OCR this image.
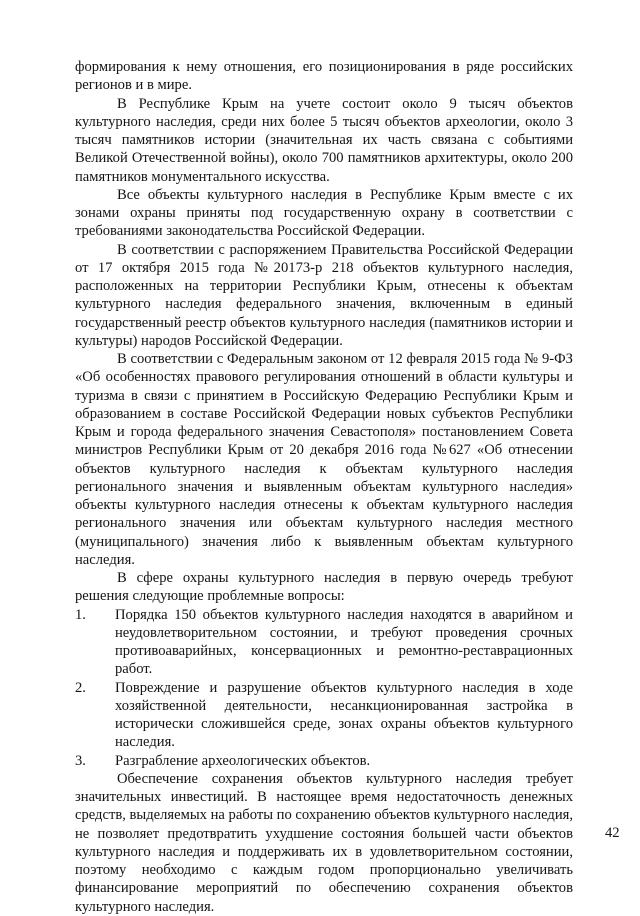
формирования к нему отношения, его позиционирования в ряде российских регионов и в мире.

В Республике Крым на учете состоит около 9 тысяч объектов культурного наследия, среди них более 5 тысяч объектов археологии, около 3 тысяч памятников истории (значительная их часть связана с событиями Великой Отечественной войны), около 700 памятников архитектуры, около 200 памятников монументального искусства.

Все объекты культурного наследия в Республике Крым вместе с их зонами охраны приняты под государственную охрану в соответствии с требованиями законодательства Российской Федерации.

В соответствии с распоряжением Правительства Российской Федерации от 17 октября 2015 года №20173-р 218 объектов культурного наследия, расположенных на территории Республики Крым, отнесены к объектам культурного наследия федерального значения, включенным в единый государственный реестр объектов культурного наследия (памятников истории и культуры) народов Российской Федерации.

В соответствии с Федеральным законом от 12 февраля 2015 года № 9-ФЗ «Об особенностях правового регулирования отношений в области культуры и туризма в связи с принятием в Российскую Федерацию Республики Крым и образованием в составе Российской Федерации новых субъектов Республики Крым и города федерального значения Севастополя» постановлением Совета министров Республики Крым от 20 декабря 2016 года №627 «Об отнесении объектов культурного наследия к объектам культурного наследия регионального значения и выявленным объектам культурного наследия» объекты культурного наследия отнесены к объектам культурного наследия регионального значения или объектам культурного наследия местного (муниципального) значения либо к выявленным объектам культурного наследия.

В сфере охраны культурного наследия в первую очередь требуют решения следующие проблемные вопросы:

1.	Порядка 150 объектов культурного наследия находятся в аварийном и неудовлетворительном состоянии, и требуют проведения срочных противоаварийных, консервационных и ремонтно-реставрационных работ.
2.	Повреждение и разрушение объектов культурного наследия в ходе хозяйственной деятельности, несанкционированная застройка в исторически сложившейся среде, зонах охраны объектов культурного наследия.
3.	Разграбление археологических объектов.

Обеспечение сохранения объектов культурного наследия требует значительных инвестиций. В настоящее время недостаточность денежных средств, выделяемых на работы по сохранению объектов культурного наследия, не позволяет предотвратить ухудшение состояния большей части объектов культурного наследия и поддерживать их в удовлетворительном состоянии, поэтому необходимо с каждым годом пропорционально увеличивать финансирование мероприятий по обеспечению сохранения объектов культурного наследия.

42
